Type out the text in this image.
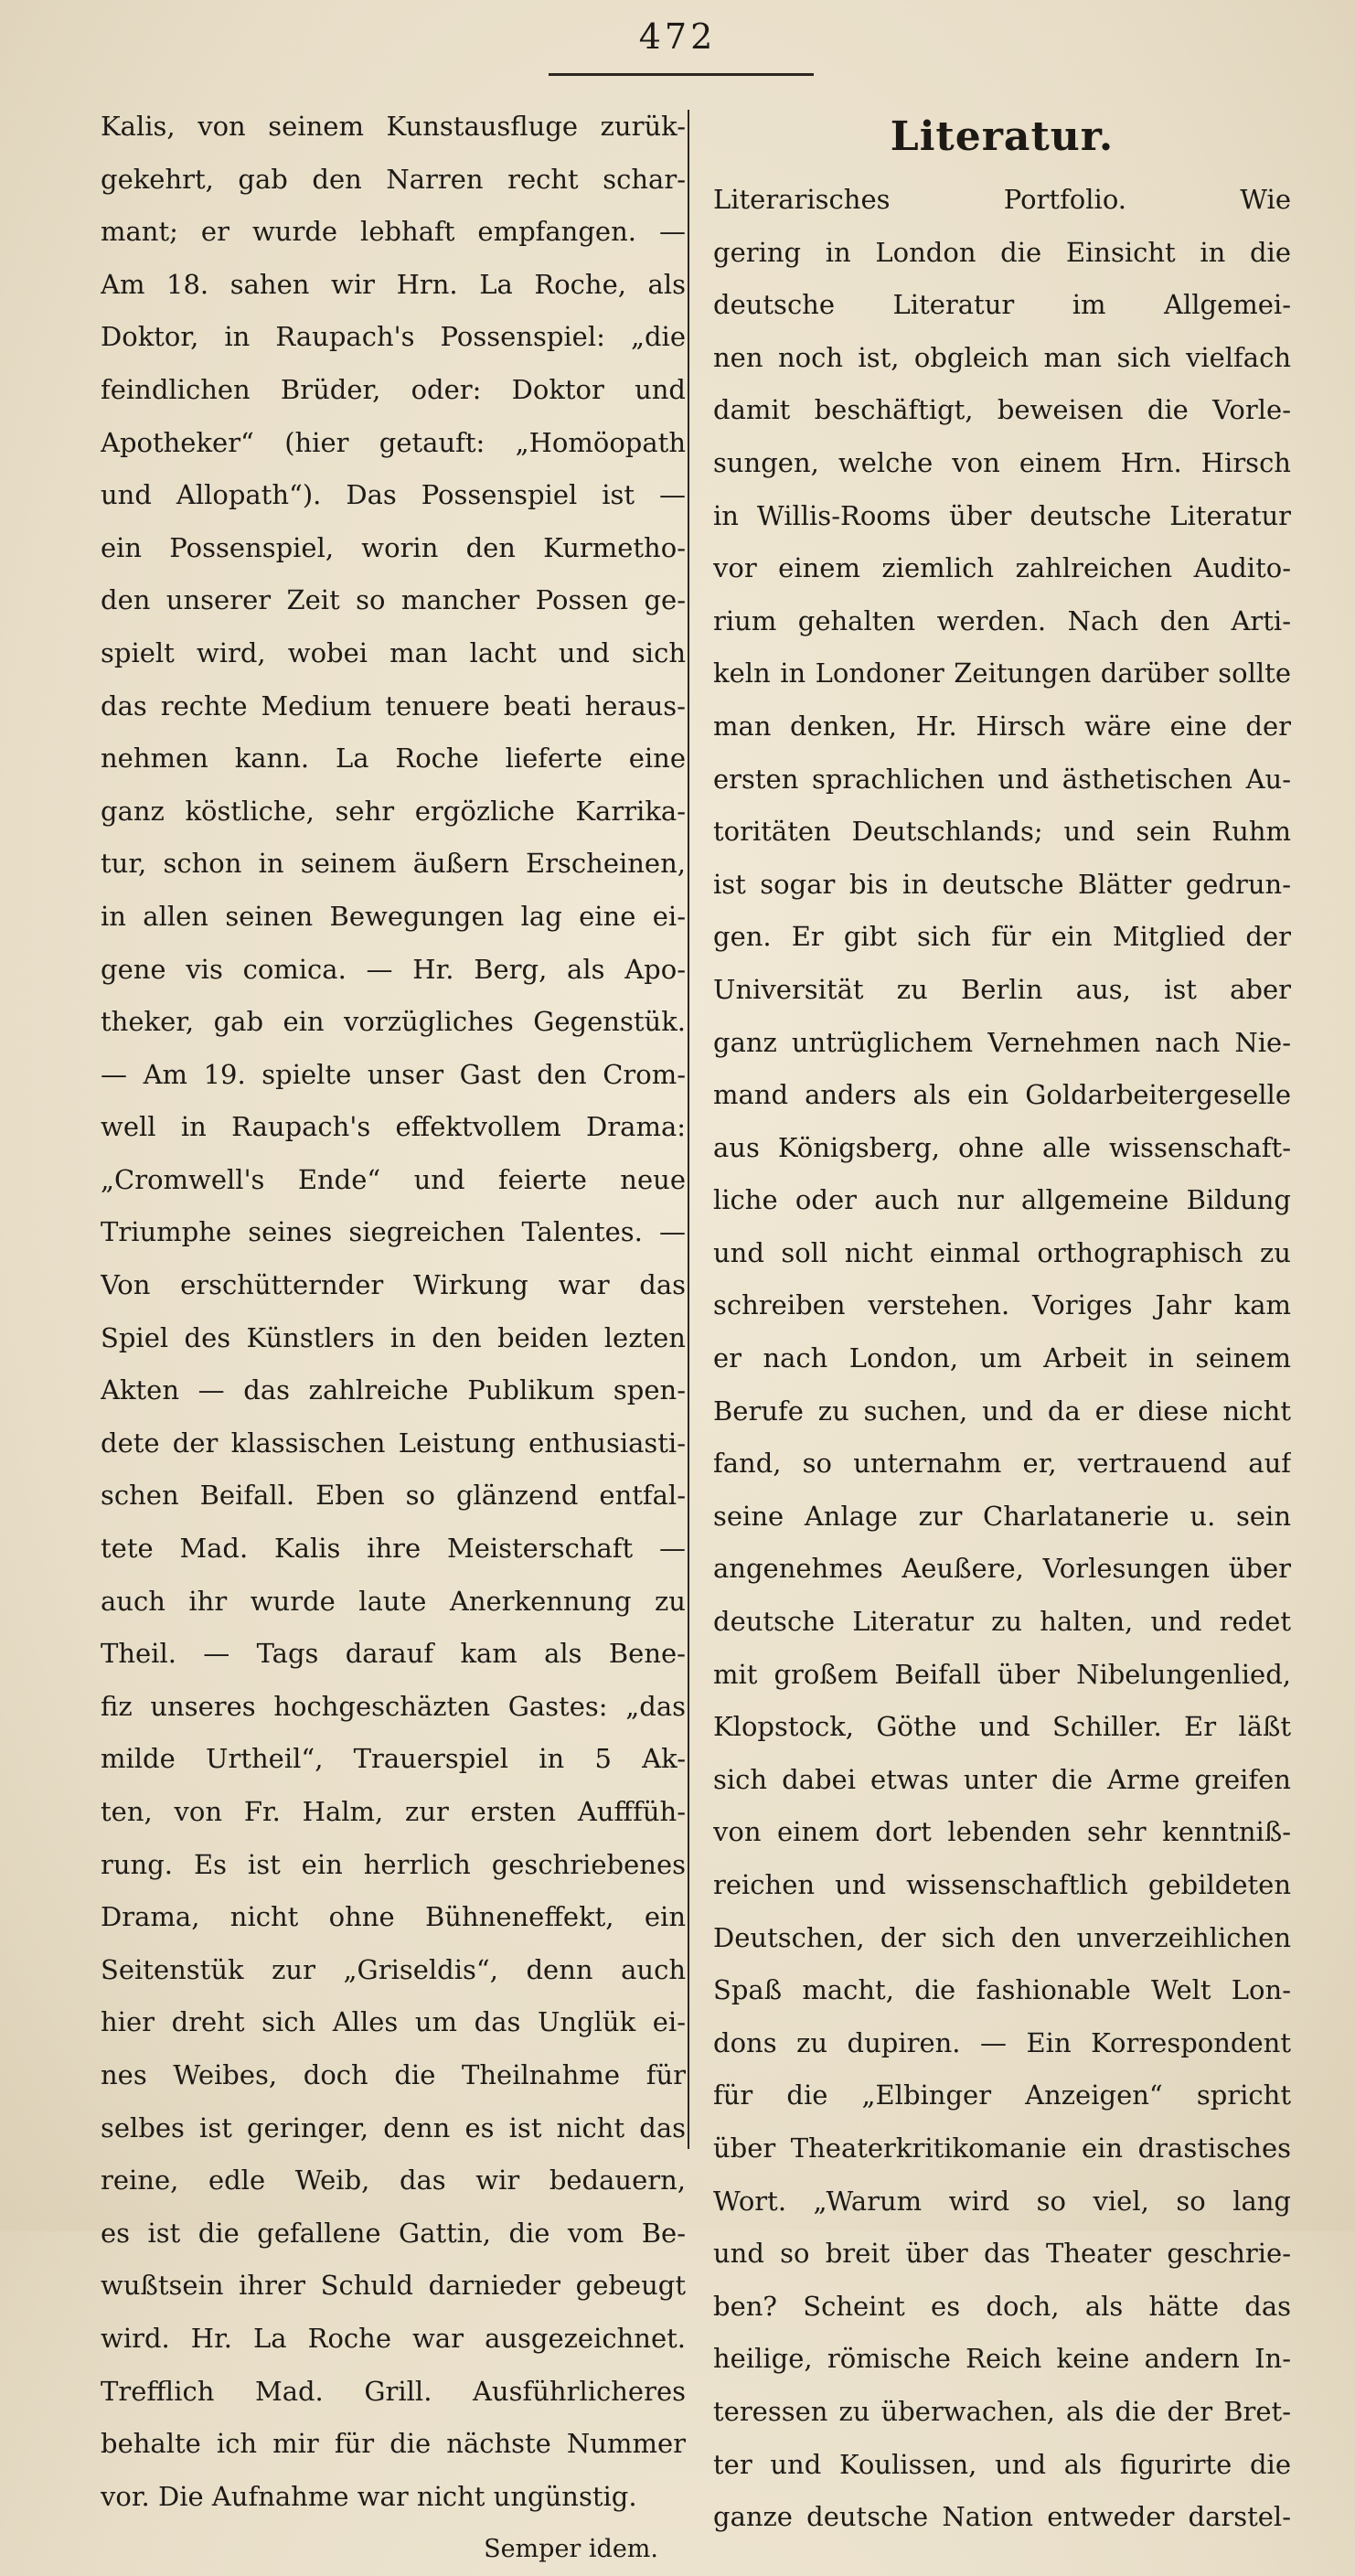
472
Kalis, von seinem Kunstausfluge zurük-
gekehrt, gab den Narren recht schar-
mant; er wurde lebhaft empfangen. —
Am 18. sahen wir Hrn. La Roche, als
Doktor, in Raupach's Possenspiel: „die
feindlichen Brüder, oder: Doktor und
Apotheker“ (hier getauft: „Homöopath
und Allopath“). Das Possenspiel ist —
ein Possenspiel, worin den Kurmetho-
den unserer Zeit so mancher Possen ge-
spielt wird, wobei man lacht und sich
das rechte Medium tenuere beati heraus-
nehmen kann. La Roche lieferte eine
ganz köstliche, sehr ergözliche Karrika-
tur, schon in seinem äußern Erscheinen,
in allen seinen Bewegungen lag eine ei-
gene vis comica. — Hr. Berg, als Apo-
theker, gab ein vorzügliches Gegenstük.
— Am 19. spielte unser Gast den Crom-
well in Raupach's effektvollem Drama:
„Cromwell's Ende“ und feierte neue
Triumphe seines siegreichen Talentes. —
Von erschütternder Wirkung war das
Spiel des Künstlers in den beiden lezten
Akten — das zahlreiche Publikum spen-
dete der klassischen Leistung enthusiasti-
schen Beifall. Eben so glänzend entfal-
tete Mad. Kalis ihre Meisterschaft —
auch ihr wurde laute Anerkennung zu
Theil. — Tags darauf kam als Bene-
fiz unseres hochgeschäzten Gastes: „das
milde Urtheil“, Trauerspiel in 5 Ak-
ten, von Fr. Halm, zur ersten Aufffüh-
rung. Es ist ein herrlich geschriebenes
Drama, nicht ohne Bühneneffekt, ein
Seitenstük zur „Griseldis“, denn auch
hier dreht sich Alles um das Unglük ei-
nes Weibes, doch die Theilnahme für
selbes ist geringer, denn es ist nicht das
reine, edle Weib, das wir bedauern,
es ist die gefallene Gattin, die vom Be-
wußtsein ihrer Schuld darnieder gebeugt
wird. Hr. La Roche war ausgezeichnet.
Trefflich Mad. Grill. Ausführlicheres
behalte ich mir für die nächste Nummer
vor. Die Aufnahme war nicht ungünstig.
Semper idem.
Literatur.
Literarisches Portfolio. Wie
gering in London die Einsicht in die
deutsche Literatur im Allgemei-
nen noch ist, obgleich man sich vielfach
damit beschäftigt, beweisen die Vorle-
sungen, welche von einem Hrn. Hirsch
in Willis-Rooms über deutsche Literatur
vor einem ziemlich zahlreichen Audito-
rium gehalten werden. Nach den Arti-
keln in Londoner Zeitungen darüber sollte
man denken, Hr. Hirsch wäre eine der
ersten sprachlichen und ästhetischen Au-
toritäten Deutschlands; und sein Ruhm
ist sogar bis in deutsche Blätter gedrun-
gen. Er gibt sich für ein Mitglied der
Universität zu Berlin aus, ist aber
ganz untrüglichem Vernehmen nach Nie-
mand anders als ein Goldarbeitergeselle
aus Königsberg, ohne alle wissenschaft-
liche oder auch nur allgemeine Bildung
und soll nicht einmal orthographisch zu
schreiben verstehen. Voriges Jahr kam
er nach London, um Arbeit in seinem
Berufe zu suchen, und da er diese nicht
fand, so unternahm er, vertrauend auf
seine Anlage zur Charlatanerie u. sein
angenehmes Aeußere, Vorlesungen über
deutsche Literatur zu halten, und redet
mit großem Beifall über Nibelungenlied,
Klopstock, Göthe und Schiller. Er läßt
sich dabei etwas unter die Arme greifen
von einem dort lebenden sehr kenntniß-
reichen und wissenschaftlich gebildeten
Deutschen, der sich den unverzeihlichen
Spaß macht, die fashionable Welt Lon-
dons zu dupiren. — Ein Korrespondent
für die „Elbinger Anzeigen“ spricht
über Theaterkritikomanie ein drastisches
Wort. „Warum wird so viel, so lang
und so breit über das Theater geschrie-
ben? Scheint es doch, als hätte das
heilige, römische Reich keine andern In-
teressen zu überwachen, als die der Bret-
ter und Koulissen, und als figurirte die
ganze deutsche Nation entweder darstel-
